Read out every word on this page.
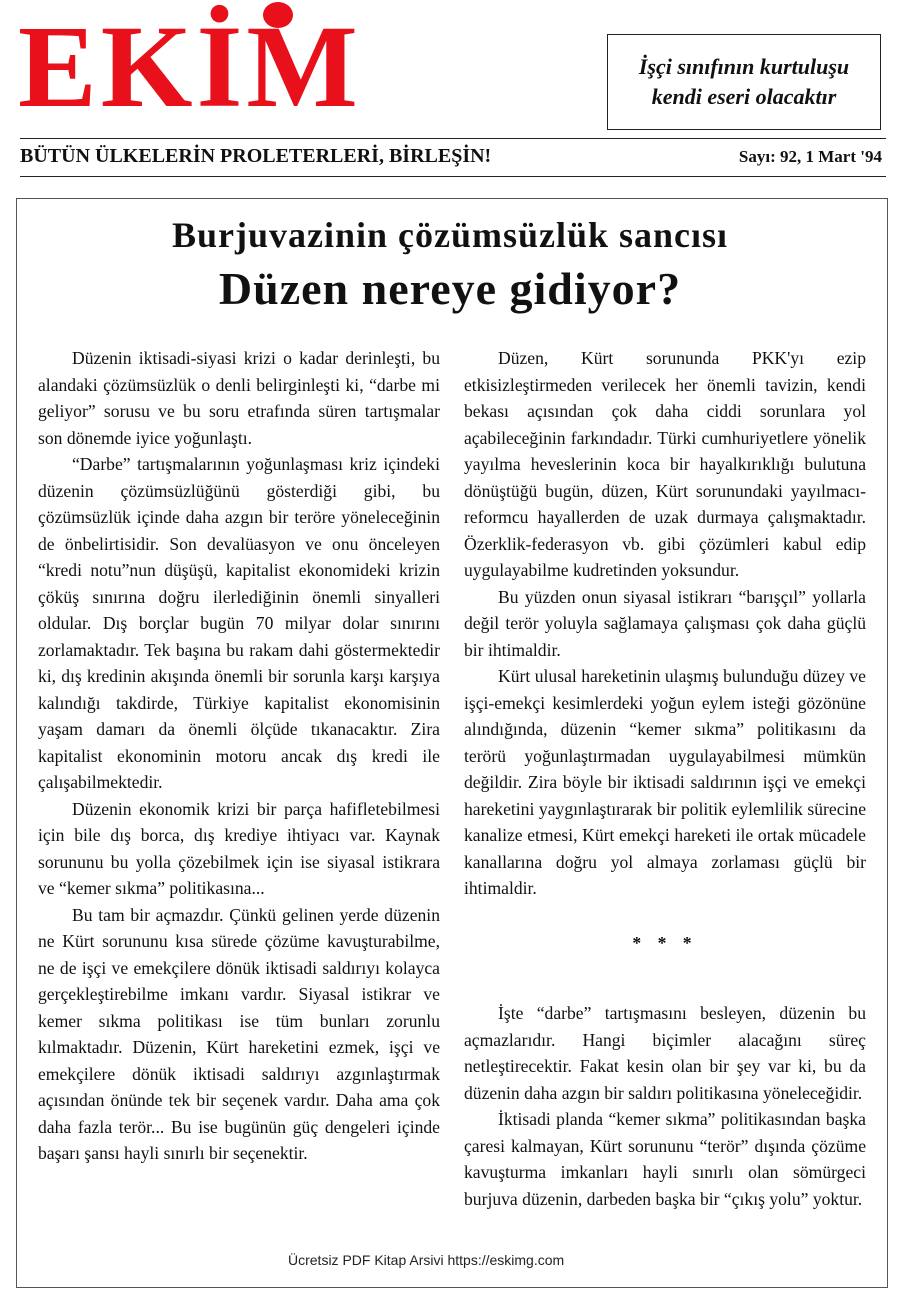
EKİM	İşçi sınıfının kurtuluşu
kendi eseri olacaktır
BÜTÜN ÜLKELERİN PROLETERLERİ, BİRLEŞİN!	Sayı: 92, 1 Mart '94
Burjuvazinin çözümsüzlük sancısı
Düzen nereye gidiyor?

Düzenin iktisadi-siyasi krizi o kadar derinleşti, bu alandaki çözümsüzlük o denli belirginleşti ki, “darbe mi geliyor” sorusu ve bu soru etrafında süren tartışmalar son dönemde iyice yoğunlaştı.

“Darbe” tartışmalarının yoğunlaşması kriz içindeki düzenin çözümsüzlüğünü gösterdiği gibi, bu çözümsüzlük içinde daha azgın bir teröre yöneleceğinin de önbelirtisidir. Son devalüasyon ve onu önceleyen “kredi notu”nun düşüşü, kapitalist ekonomideki krizin çöküş sınırına doğru ilerlediğinin önemli sinyalleri oldular. Dış borçlar bugün 70 milyar dolar sınırını zorlamaktadır. Tek başına bu rakam dahi göstermektedir ki, dış kredinin akışında önemli bir sorunla karşı karşıya kalındığı takdirde, Türkiye kapitalist ekonomisinin yaşam damarı da önemli ölçüde tıkanacaktır. Zira kapitalist ekonominin motoru ancak dış kredi ile çalışabilmektedir.

Düzenin ekonomik krizi bir parça hafifletebilmesi için bile dış borca, dış krediye ihtiyacı var. Kaynak sorununu bu yolla çözebilmek için ise siyasal istikrara ve “kemer sıkma” politikasına...

Bu tam bir açmazdır. Çünkü gelinen yerde düzenin ne Kürt sorununu kısa sürede çözüme kavuşturabilme, ne de işçi ve emekçilere dönük iktisadi saldırıyı kolayca gerçekleştirebilme imkanı vardır. Siyasal istikrar ve kemer sıkma politikası ise tüm bunları zorunlu kılmaktadır. Düzenin, Kürt hareketini ezmek, işçi ve emekçilere dönük iktisadi saldırıyı azgınlaştırmak açısından önünde tek bir seçenek vardır. Daha ama çok daha fazla terör... Bu ise bugünün güç dengeleri içinde başarı şansı hayli sınırlı bir seçenektir.

Düzen, Kürt sorununda PKK'yı ezip etkisizleştirmeden verilecek her önemli tavizin, kendi bekası açısından çok daha ciddi sorunlara yol açabileceğinin farkındadır. Türki cumhuriyetlere yönelik yayılma heveslerinin koca bir hayalkırıklığı bulutuna dönüştüğü bugün, düzen, Kürt sorunundaki yayılmacı-reformcu hayallerden de uzak durmaya çalışmaktadır. Özerklik-federasyon vb. gibi çözümleri kabul edip uygulayabilme kudretinden yoksundur.

Bu yüzden onun siyasal istikrarı “barışçıl” yollarla değil terör yoluyla sağlamaya çalışması çok daha güçlü bir ihtimaldir.

Kürt ulusal hareketinin ulaşmış bulunduğu düzey ve işçi-emekçi kesimlerdeki yoğun eylem isteği gözönüne alındığında, düzenin “kemer sıkma” politikasını da terörü yoğunlaştırmadan uygulayabilmesi mümkün değildir. Zira böyle bir iktisadi saldırının işçi ve emekçi hareketini yaygınlaştırarak bir politik eylemlilik sürecine kanalize etmesi, Kürt emekçi hareketi ile ortak mücadele kanallarına doğru yol almaya zorlaması güçlü bir ihtimaldir.

* * *

İşte “darbe” tartışmasını besleyen, düzenin bu açmazlarıdır. Hangi biçimler alacağını süreç netleştirecektir. Fakat kesin olan bir şey var ki, bu da düzenin daha azgın bir saldırı politikasına yöneleceğidir.

İktisadi planda “kemer sıkma” politikasından başka çaresi kalmayan, Kürt sorununu “terör” dışında çözüme kavuşturma imkanları hayli sınırlı olan sömürgeci burjuva düzenin, darbeden başka bir “çıkış yolu” yoktur.

Ücretsiz PDF Kitap Arsivi https://eskimg.com
